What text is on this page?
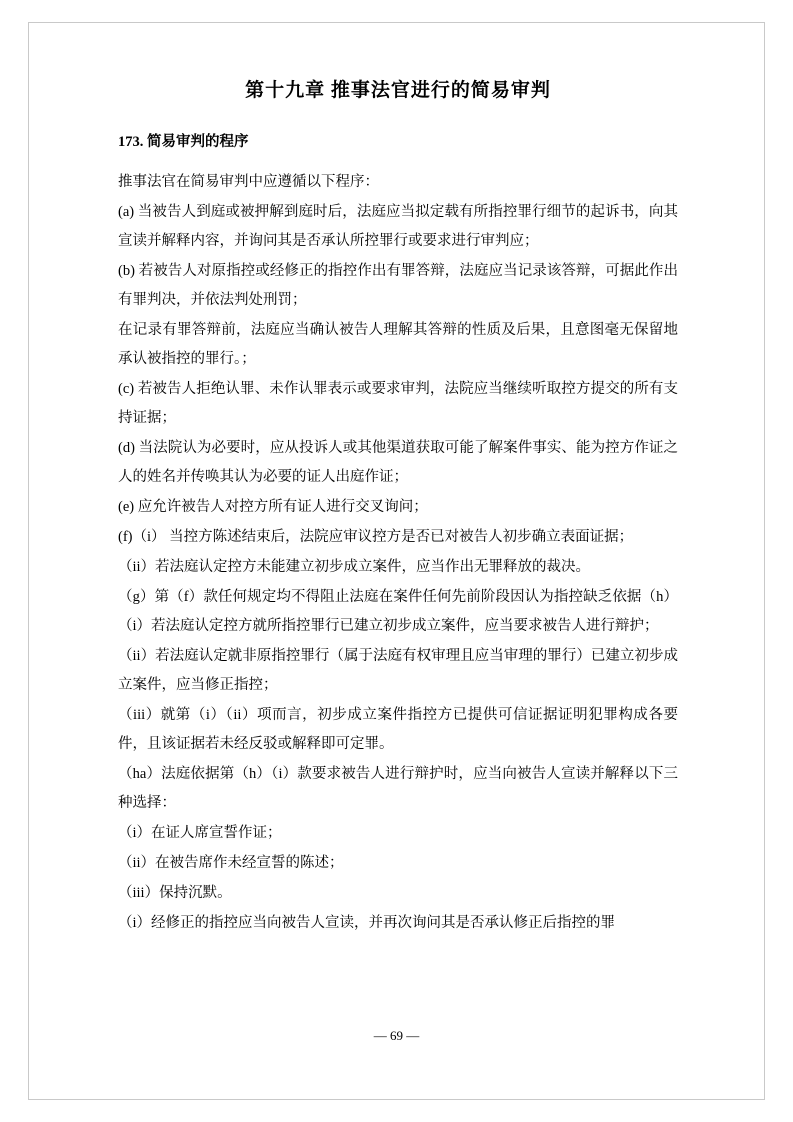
第十九章 推事法官进行的简易审判
173. 简易审判的程序

推事法官在简易审判中应遵循以下程序：

(a) 当被告人到庭或被押解到庭时后，法庭应当拟定载有所指控罪行细节的起诉书，向其宣读并解释内容，并询问其是否承认所控罪行或要求进行审判应；

(b) 若被告人对原指控或经修正的指控作出有罪答辩，法庭应当记录该答辩，可据此作出有罪判决，并依法判处刑罚；

在记录有罪答辩前，法庭应当确认被告人理解其答辩的性质及后果，且意图毫无保留地承认被指控的罪行。；

(c) 若被告人拒绝认罪、未作认罪表示或要求审判，法院应当继续听取控方提交的所有支持证据；

(d) 当法院认为必要时，应从投诉人或其他渠道获取可能了解案件事实、能为控方作证之人的姓名并传唤其认为必要的证人出庭作证；

(e) 应允许被告人对控方所有证人进行交叉询问；

(f)（i） 当控方陈述结束后，法院应审议控方是否已对被告人初步确立表面证据；

（ii）若法庭认定控方未能建立初步成立案件，应当作出无罪释放的裁决。

（g）第（f）款任何规定均不得阻止法庭在案件任何先前阶段因认为指控缺乏依据（h）（i）若法庭认定控方就所指控罪行已建立初步成立案件，应当要求被告人进行辩护；

（ii）若法庭认定就非原指控罪行（属于法庭有权审理且应当审理的罪行）已建立初步成立案件，应当修正指控；

（iii）就第（i）（ii）项而言，初步成立案件指控方已提供可信证据证明犯罪构成各要件，且该证据若未经反驳或解释即可定罪。

（ha）法庭依据第（h）（i）款要求被告人进行辩护时，应当向被告人宣读并解释以下三种选择：

（i）在证人席宣誓作证；

（ii）在被告席作未经宣誓的陈述；

（iii）保持沉默。

（i）经修正的指控应当向被告人宣读，并再次询问其是否承认修正后指控的罪

— 69 —
